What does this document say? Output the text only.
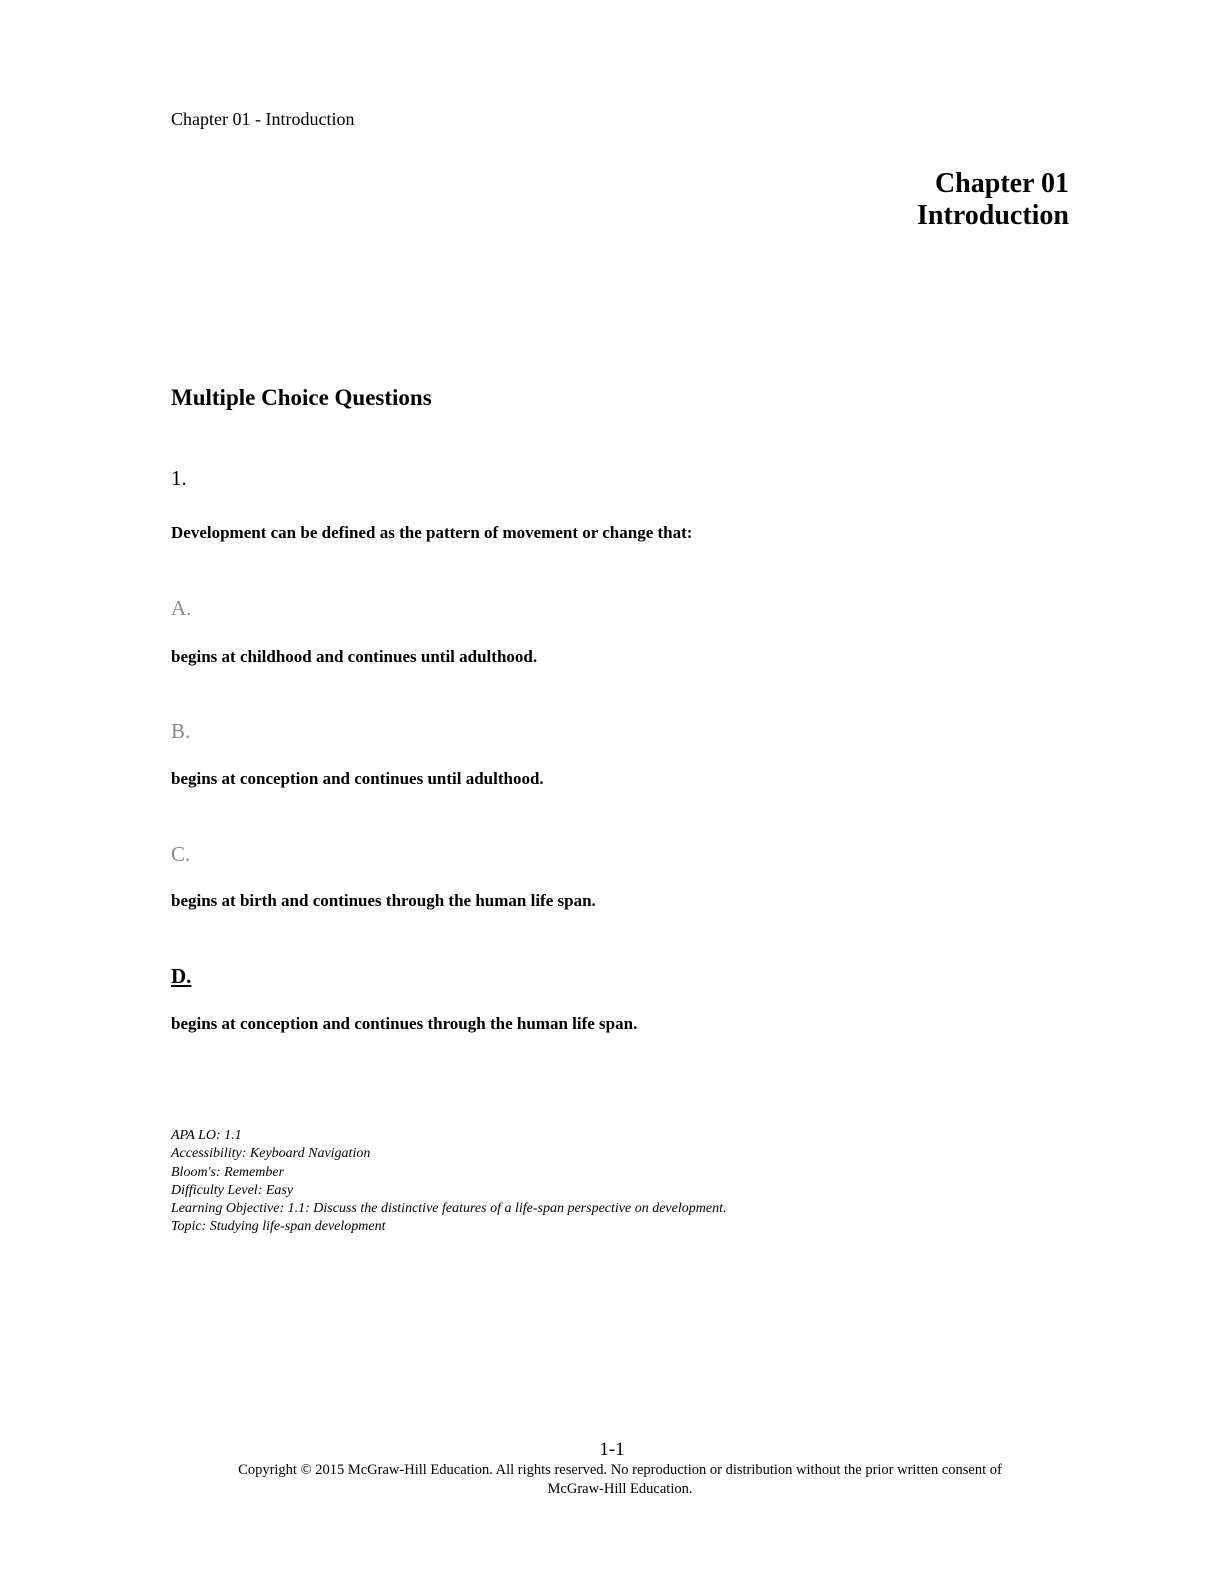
Chapter 01 - Introduction

Chapter 01
Introduction
Multiple Choice Questions

1.

Development can be defined as the pattern of movement or change that:

A.

begins at childhood and continues until adulthood.

B.

begins at conception and continues until adulthood.

C.

begins at birth and continues through the human life span.

D.

begins at conception and continues through the human life span.

APA LO: 1.1
Accessibility: Keyboard Navigation
Bloom's: Remember
Difficulty Level: Easy
Learning Objective: 1.1: Discuss the distinctive features of a life-span perspective on development.
Topic: Studying life-span development

1-1

Copyright © 2015 McGraw-Hill Education. All rights reserved. No reproduction or distribution without the prior written consent of
McGraw-Hill Education.
